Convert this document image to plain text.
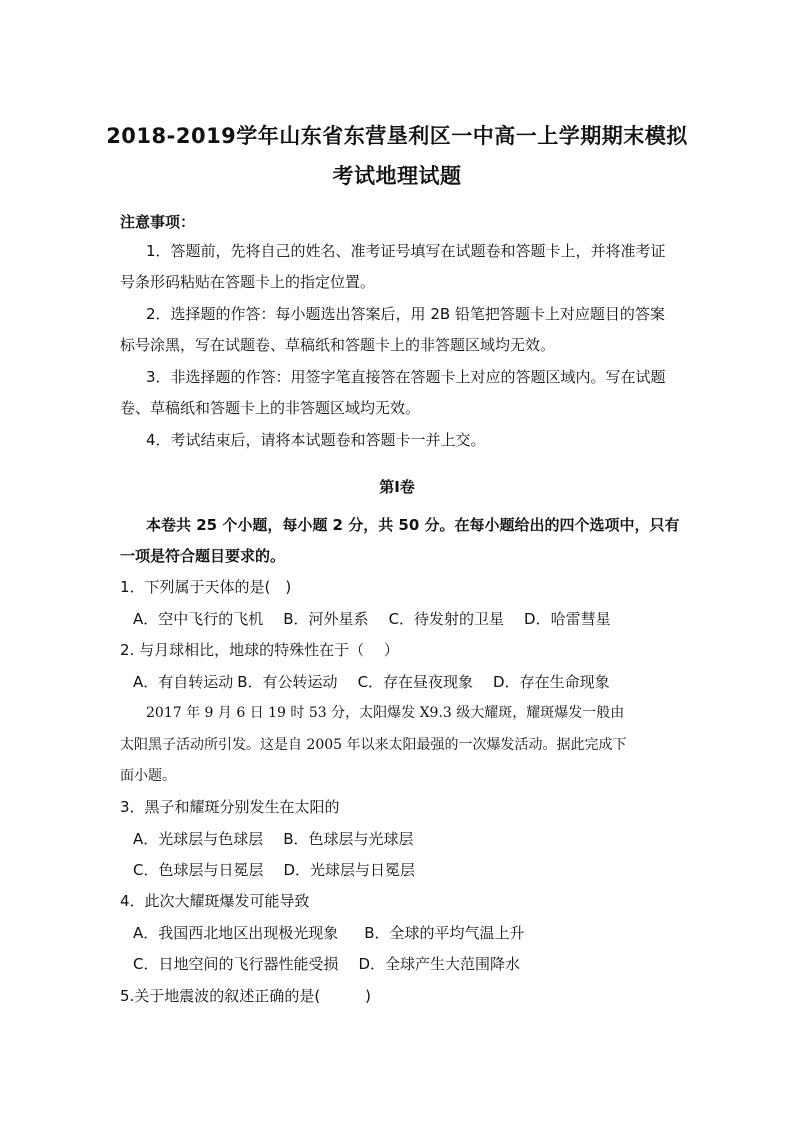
2018-2019学年山东省东营垦利区一中高一上学期期末模拟
考试地理试题
注意事项：
1．答题前，先将自己的姓名、准考证号填写在试题卷和答题卡上，并将准考证
号条形码粘贴在答题卡上的指定位置。
2．选择题的作答：每小题选出答案后，用 2B 铅笔把答题卡上对应题目的答案
标号涂黑，写在试题卷、草稿纸和答题卡上的非答题区域均无效。
3．非选择题的作答：用签字笔直接答在答题卡上对应的答题区域内。写在试题
卷、草稿纸和答题卡上的非答题区域均无效。
4．考试结束后，请将本试题卷和答题卡一并上交。
第Ⅰ卷
本卷共 25 个小题，每小题 2 分，共 50 分。在每小题给出的四个选项中，只有
一项是符合题目要求的。
1．下列属于天体的是(　)
A．空中飞行的飞机 B．河外星系 C．待发射的卫星 D．哈雷彗星
2. 与月球相比，地球的特殊性在于（　 ）
A．有自转运动 B．有公转运动 C．存在昼夜现象 D．存在生命现象
2017 年 9 月 6 日 19 时 53 分，太阳爆发 X9.3 级大耀斑，耀斑爆发一般由
太阳黑子活动所引发。这是自 2005 年以来太阳最强的一次爆发活动。据此完成下
面小题。
3．黑子和耀斑分别发生在太阳的
A．光球层与色球层 B．色球层与光球层
C．色球层与日冕层 D．光球层与日冕层
4．此次大耀斑爆发可能导致
A．我国西北地区出现极光现象 B．全球的平均气温上升
C．日地空间的飞行器性能受损 D．全球产生大范围降水
5.关于地震波的叙述正确的是(　　　)
